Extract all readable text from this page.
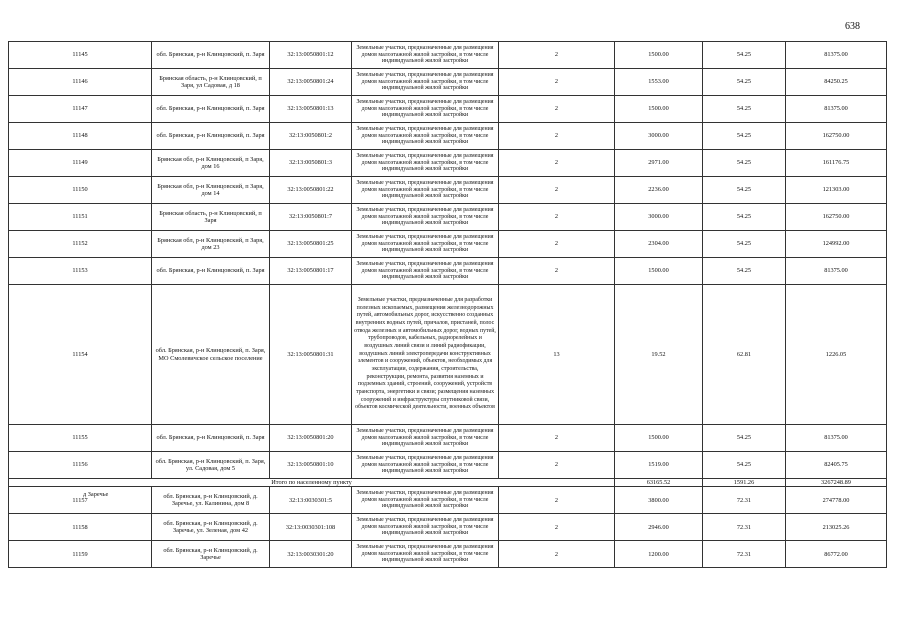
638
11145	обл. Брянская, р-н Клинцовский, п. Заря	32:13:0050801:12	Земельные участки, предназначенные для размещения домов малоэтажной жилой застройки, в том числе индивидуальной жилой застройки	2	1500.00	54.25	81375.00
11146	Брянская область, р-н Клинцовский, п Заря, ул Садовая, д 18	32:13:0050801:24	Земельные участки, предназначенные для размещения домов малоэтажной жилой застройки, в том числе индивидуальной жилой застройки	2	1553.00	54.25	84250.25
11147	обл. Брянская, р-н Клинцовский, п. Заря	32:13:0050801:13	Земельные участки, предназначенные для размещения домов малоэтажной жилой застройки, в том числе индивидуальной жилой застройки	2	1500.00	54.25	81375.00
11148	обл. Брянская, р-н Клинцовский, п. Заря	32:13:0050801:2	Земельные участки, предназначенные для размещения домов малоэтажной жилой застройки, в том числе индивидуальной жилой застройки	2	3000.00	54.25	162750.00
11149	Брянская обл, р-н Клинцовский, п Заря, дом 16	32:13:0050801:3	Земельные участки, предназначенные для размещения домов малоэтажной жилой застройки, в том числе индивидуальной жилой застройки	2	2971.00	54.25	161176.75
11150	Брянская обл, р-н Клинцовский, п Заря, дом 14	32:13:0050801:22	Земельные участки, предназначенные для размещения домов малоэтажной жилой застройки, в том числе индивидуальной жилой застройки	2	2236.00	54.25	121303.00
11151	Брянская область, р-н Клинцовский, п Заря	32:13:0050801:7	Земельные участки, предназначенные для размещения домов малоэтажной жилой застройки, в том числе индивидуальной жилой застройки	2	3000.00	54.25	162750.00
11152	Брянская обл, р-н Клинцовский, п Заря, дом 23	32:13:0050801:25	Земельные участки, предназначенные для размещения домов малоэтажной жилой застройки, в том числе индивидуальной жилой застройки	2	2304.00	54.25	124992.00
11153	обл. Брянская, р-н Клинцовский, п. Заря	32:13:0050801:17	Земельные участки, предназначенные для размещения домов малоэтажной жилой застройки, в том числе индивидуальной жилой застройки	2	1500.00	54.25	81375.00
11154	обл. Брянская, р-н Клинцовский, п. Заря, МО Смолевичское сельское поселение	32:13:0050801:31	Земельные участки, предназначенные для разработки полезных ископаемых, размещения железнодорожных путей, автомобильных дорог, искусственно созданных внутренних водных путей, причалов, пристаней, полос отвода железных и автомобильных дорог, водных путей, трубопроводов, кабельных, радиорелейных и воздушных линий связи и линий радиофикации, воздушных линий электропередачи конструктивных элементов и сооружений, объектов, необходимых для эксплуатации, содержания, строительства, реконструкции, ремонта, развития наземных и подземных зданий, строений, сооружений, устройств транспорта, энергетики и связи; размещения наземных сооружений и инфраструктуры спутниковой связи, объектов космической деятельности, военных объектов	13	19.52	62.81	1226.05
11155	обл. Брянская, р-н Клинцовский, п. Заря	32:13:0050801:20	Земельные участки, предназначенные для размещения домов малоэтажной жилой застройки, в том числе индивидуальной жилой застройки	2	1500.00	54.25	81375.00
11156	обл. Брянская, р-н Клинцовский, п. Заря, ул. Садовая, дом 5	32:13:0050801:10	Земельные участки, предназначенные для размещения домов малоэтажной жилой застройки, в том числе индивидуальной жилой застройки	2	1519.00	54.25	82405.75
Итого по населенному пункту					63165.52	1591.26	3267248.89
11157	обл. Брянская, р-н Клинцовский, д. Заречье, ул. Калинина, дом 8	32:13:0030301:5	Земельные участки, предназначенные для размещения домов малоэтажной жилой застройки, в том числе индивидуальной жилой застройки	2	3800.00	72.31	274778.00
11158	обл. Брянская, р-н Клинцовский, д. Заречье, ул. Зеленая, дом 42	32:13:0030301:108	Земельные участки, предназначенные для размещения домов малоэтажной жилой застройки, в том числе индивидуальной жилой застройки	2	2946.00	72.31	213025.26
11159	обл. Брянская, р-н Клинцовский, д. Заречье	32:13:0030301:20	Земельные участки, предназначенные для размещения домов малоэтажной жилой застройки, в том числе индивидуальной жилой застройки	2	1200.00	72.31	86772.00
д Заречье
